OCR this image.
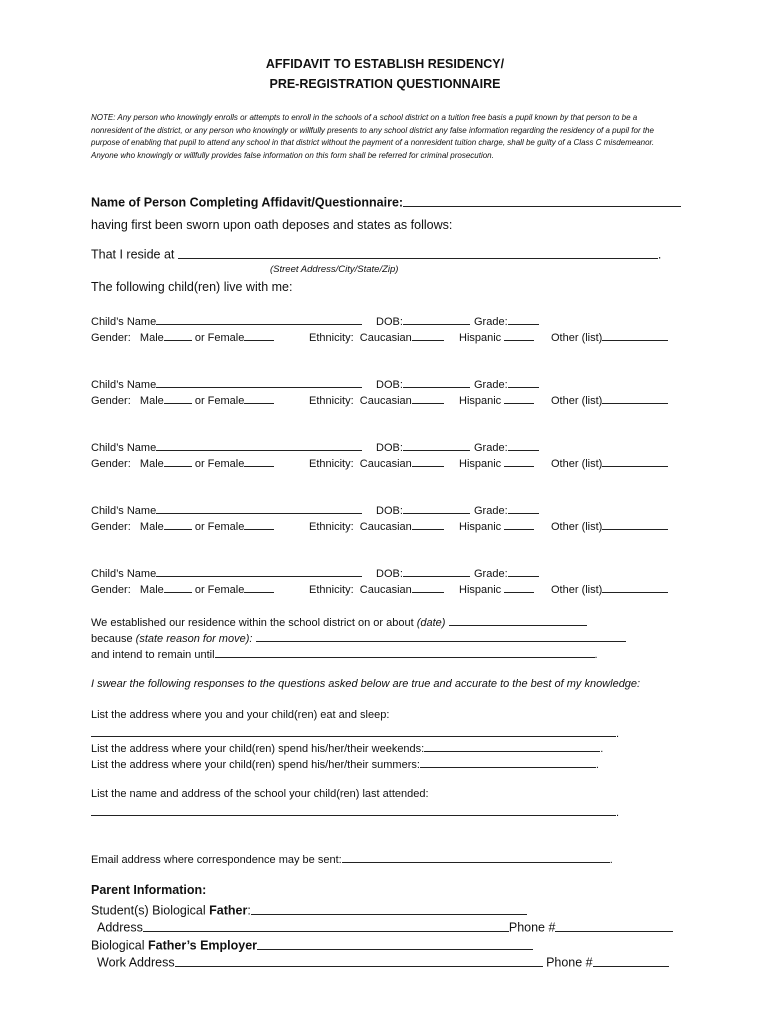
AFFIDAVIT TO ESTABLISH RESIDENCY/
PRE-REGISTRATION QUESTIONNAIRE
NOTE: Any person who knowingly enrolls or attempts to enroll in the schools of a school district on a tuition free basis a pupil known by that person to be a nonresident of the district, or any person who knowingly or willfully presents to any school district any false information regarding the residency of a pupil for the purpose of enabling that pupil to attend any school in that district without the payment of a nonresident tuition charge, shall be guilty of a Class C misdemeanor. Anyone who knowingly or willfully provides false information on this form shall be referred for criminal prosecution.
Name of Person Completing Affidavit/Questionnaire:
having first been sworn upon oath deposes and states as follows:
That I reside at	.
(Street Address/City/State/Zip)
The following child(ren) live with me:
Child’s Name	DOB:	Grade:
Gender: Male	or Female	Ethnicity: Caucasian	Hispanic	Other (list)
Child’s Name	DOB:	Grade:
Gender: Male	or Female	Ethnicity: Caucasian	Hispanic	Other (list)
Child’s Name	DOB:	Grade:
Gender: Male	or Female	Ethnicity: Caucasian	Hispanic	Other (list)
Child’s Name	DOB:	Grade:
Gender: Male	or Female	Ethnicity: Caucasian	Hispanic	Other (list)
Child’s Name	DOB:	Grade:
Gender: Male	or Female	Ethnicity: Caucasian	Hispanic	Other (list)
We established our residence within the school district on or about (date)
because (state reason for move):
and intend to remain until	.
I swear the following responses to the questions asked below are true and accurate to the best of my knowledge:
List the address where you and your child(ren) eat and sleep:
.
List the address where your child(ren) spend his/her/their weekends:	.
List the address where your child(ren) spend his/her/their summers:	.
List the name and address of the school your child(ren) last attended:
.
Email address where correspondence may be sent:	.
Parent Information:
Student(s) Biological Father:
Address	Phone #
Biological Father’s Employer
Work Address	Phone #
